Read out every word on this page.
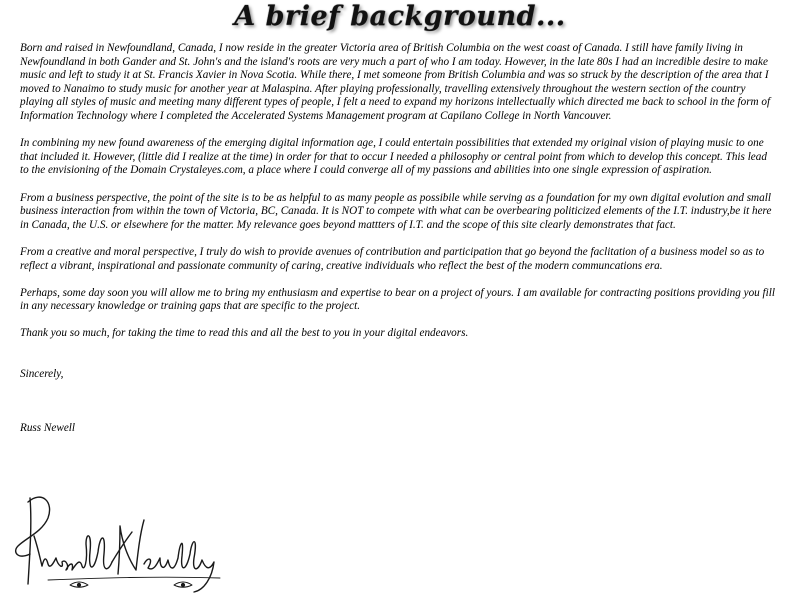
A brief background...

Born and raised in Newfoundland, Canada, I now reside in the greater Victoria area of British Columbia on the west coast of Canada. I still have family living in Newfoundland in both Gander and St. John's and the island's roots are very much a part of who I am today. However, in the late 80s I had an incredible desire to make music and left to study it at St. Francis Xavier in Nova Scotia. While there, I met someone from British Columbia and was so struck by the description of the area that I moved to Nanaimo to study music for another year at Malaspina. After playing professionally, travelling extensively throughout the western section of the country playing all styles of music and meeting many different types of people, I felt a need to expand my horizons intellectually which directed me back to school in the form of Information Technology where I completed the Accelerated Systems Management program at Capilano College in North Vancouver.

In combining my new found awareness of the emerging digital information age, I could entertain possibilities that extended my original vision of playing music to one that included it. However, (little did I realize at the time) in order for that to occur I needed a philosophy or central point from which to develop this concept. This lead to the envisioning of the Domain Crystaleyes.com, a place where I could converge all of my passions and abilities into one single expression of aspiration.

From a business perspective, the point of the site is to be as helpful to as many people as possibile while serving as a foundation for my own digital evolution and small business interaction from within the town of Victoria, BC, Canada. It is NOT to compete with what can be overbearing politicized elements of the I.T. industry,be it here in Canada, the U.S. or elsewhere for the matter. My relevance goes beyond mattters of I.T. and the scope of this site clearly demonstrates that fact.

From a creative and moral perspective, I truly do wish to provide avenues of contribution and participation that go beyond the faclitation of a business model so as to reflect a vibrant, inspirational and passionate community of caring, creative individuals who reflect the best of the modern communcations era.

Perhaps, some day soon you will allow me to bring my enthusiasm and expertise to bear on a project of yours. I am available for contracting positions providing you fill in any necessary knowledge or training gaps that are specific to the project.

Thank you so much, for taking the time to read this and all the best to you in your digital endeavors.

Sincerely,

Russ Newell
